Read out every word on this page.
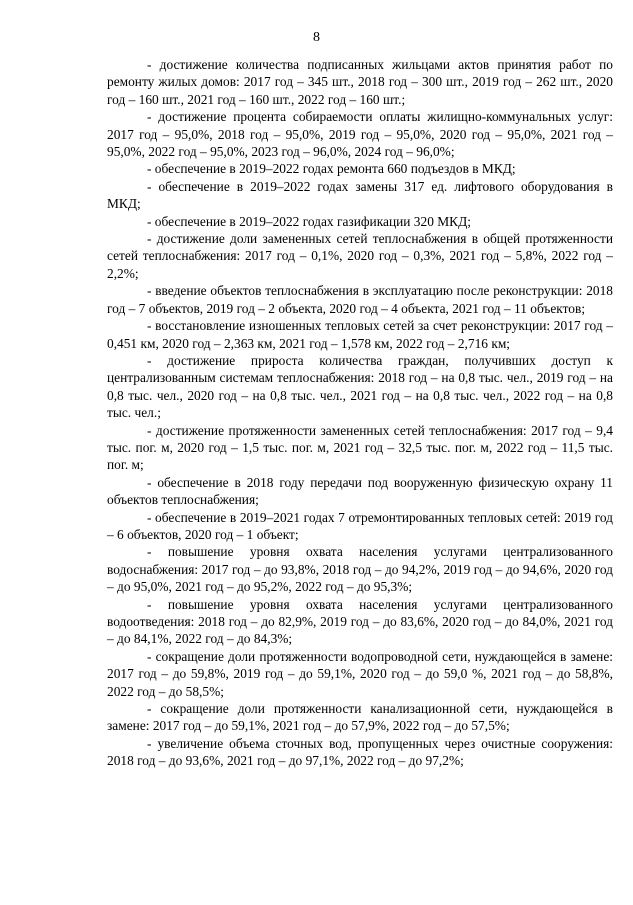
8

- достижение количества подписанных жильцами актов принятия работ по ремонту жилых домов: 2017 год – 345 шт., 2018 год – 300 шт., 2019 год – 262 шт., 2020 год – 160 шт., 2021 год – 160 шт., 2022 год – 160 шт.;

- достижение процента собираемости оплаты жилищно-коммунальных услуг: 2017 год – 95,0%, 2018 год – 95,0%, 2019 год – 95,0%, 2020 год – 95,0%, 2021 год – 95,0%, 2022 год – 95,0%, 2023 год – 96,0%, 2024 год – 96,0%;

- обеспечение в 2019–2022 годах ремонта 660 подъездов в МКД;

- обеспечение в 2019–2022 годах замены 317 ед. лифтового оборудования в МКД;

- обеспечение в 2019–2022 годах газификации 320 МКД;

- достижение доли замененных сетей теплоснабжения в общей протяженности сетей теплоснабжения: 2017 год – 0,1%, 2020 год – 0,3%, 2021 год – 5,8%, 2022 год – 2,2%;

- введение объектов теплоснабжения в эксплуатацию после реконструкции: 2018 год – 7 объектов, 2019 год – 2 объекта, 2020 год – 4 объекта, 2021 год – 11 объектов;

- восстановление изношенных тепловых сетей за счет реконструкции: 2017 год – 0,451 км, 2020 год – 2,363 км, 2021 год – 1,578 км, 2022 год – 2,716 км;

- достижение прироста количества граждан, получивших доступ к централизованным системам теплоснабжения: 2018 год – на 0,8 тыс. чел., 2019 год – на 0,8 тыс. чел., 2020 год – на 0,8 тыс. чел., 2021 год – на 0,8 тыс. чел., 2022 год – на 0,8 тыс. чел.;

- достижение протяженности замененных сетей теплоснабжения: 2017 год – 9,4 тыс. пог. м, 2020 год – 1,5 тыс. пог. м, 2021 год – 32,5 тыс. пог. м, 2022 год – 11,5 тыс. пог. м;

- обеспечение в 2018 году передачи под вооруженную физическую охрану 11 объектов теплоснабжения;

- обеспечение в 2019–2021 годах 7 отремонтированных тепловых сетей: 2019 год – 6 объектов, 2020 год – 1 объект;

- повышение уровня охвата населения услугами централизованного водоснабжения: 2017 год – до 93,8%, 2018 год – до 94,2%, 2019 год – до 94,6%, 2020 год – до 95,0%, 2021 год – до 95,2%, 2022 год – до 95,3%;

- повышение уровня охвата населения услугами централизованного водоотведения: 2018 год – до 82,9%, 2019 год – до 83,6%, 2020 год – до 84,0%, 2021 год – до 84,1%, 2022 год – до 84,3%;

- сокращение доли протяженности водопроводной сети, нуждающейся в замене: 2017 год – до 59,8%, 2019 год – до 59,1%, 2020 год – до 59,0 %, 2021 год – до 58,8%, 2022 год – до 58,5%;

- сокращение доли протяженности канализационной сети, нуждающейся в замене: 2017 год – до 59,1%, 2021 год – до 57,9%, 2022 год – до 57,5%;

- увеличение объема сточных вод, пропущенных через очистные сооружения: 2018 год – до 93,6%, 2021 год – до 97,1%, 2022 год – до 97,2%;
